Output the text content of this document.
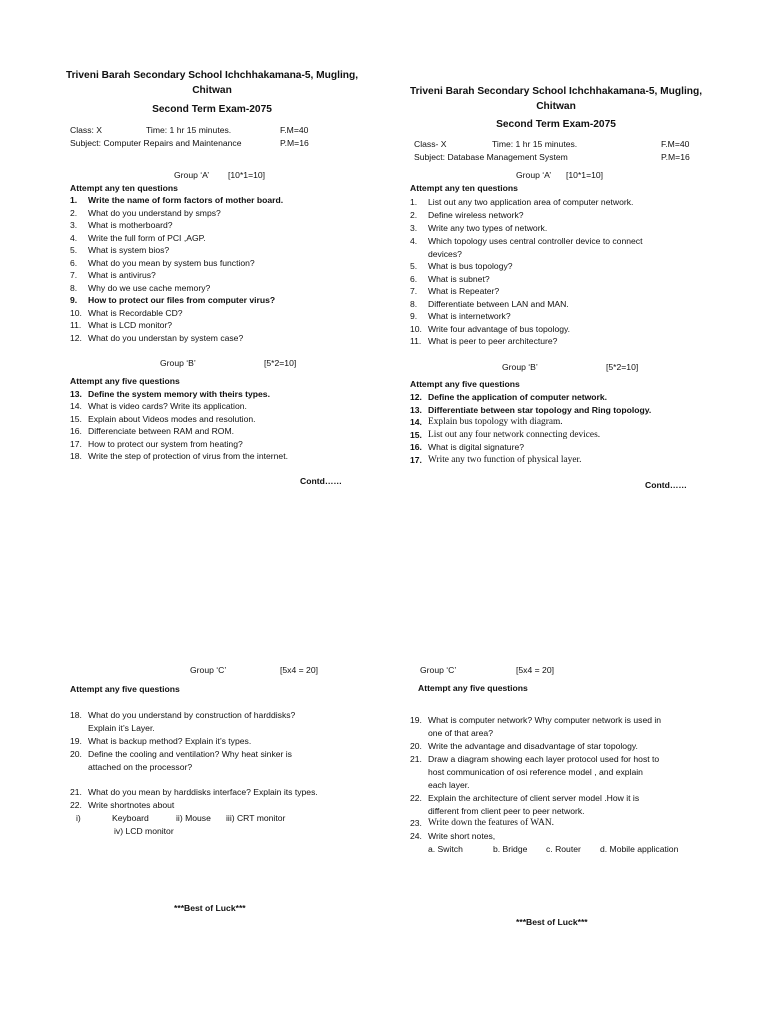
Triveni Barah Secondary School Ichchhakamana-5, Mugling, Chitwan
Second Term Exam-2075
Class: X	Time: 1 hr 15 minutes.	F.M=40
Subject: Computer Repairs and Maintenance	P.M=16
Group ‘A’ [10*1=10]
Attempt any ten questions
1. Write the name of form factors of mother board.
2. What do you understand by smps?
3. What is motherboard?
4. Write the full form of PCI ,AGP.
5. What is system bios?
6. What do you mean by system bus function?
7. What is antivirus?
8. Why do we use cache memory?
9. How to protect our files from computer virus?
10. What is Recordable CD?
11. What is LCD monitor?
12. What do you understan by system case?
Group ‘B’	[5*2=10]
Attempt any five questions
13. Define the system memory with theirs types.
14. What is video cards? Write its application.
15. Explain about Videos modes and resolution.
16. Differenciate between RAM and ROM.
17. How to protect our system from heating?
18. Write the step of protection of virus from the internet.
Contd……
Group ‘C’	[5x4 = 20]
Attempt any five questions
18. What do you understand by construction of harddisks?
Explain it’s Layer.
19. What is backup method? Explain it’s types.
20. Define the cooling and ventilation? Why heat sinker is
attached on the processor?
21. What do you mean by harddisks interface? Explain its types.
22. Write shortnotes about
i)	Keyboard	ii) Mouse iii) CRT monitor
iv) LCD monitor
***Best of Luck***
Triveni Barah Secondary School Ichchhakamana-5, Mugling, Chitwan
Second Term Exam-2075
Class- X	Time: 1 hr 15 minutes.	F.M=40
Subject: Database Management System	P.M=16
Group ‘A’ [10*1=10]
Attempt any ten questions
1. List out any two application area of computer network.
2. Define wireless network?
3. Write any two types of network.
4. Which topology uses central controller device to connect
devices?
5. What is bus topology?
6. What is subnet?
7. What is Repeater?
8. Differentiate between LAN and MAN.
9. What is internetwork?
10. Write four advantage of bus topology.
11. What is peer to peer architecture?
Group ‘B’	[5*2=10]
Attempt any five questions
12. Define the application of computer network.
13. Differentiate between star topology and Ring topology.
14. Explain bus topology with diagram.
15. List out any four network connecting devices.
16. What is digital signature?
17. Write any two function of physical layer.
Contd……
Group ‘C’	[5x4 = 20]
Attempt any five questions
19. What is computer network? Why computer network is used in
one of that area?
20. Write the advantage and disadvantage of star topology.
21. Draw a diagram showing each layer protocol used for host to
host communication of osi reference model , and explain
each layer.
22. Explain the architecture of client server model .How it is
different from client peer to peer network.
23. Write down the features of WAN.
24. Write short notes,
a. Switch	b. Bridge c. Router d. Mobile application
***Best of Luck***
